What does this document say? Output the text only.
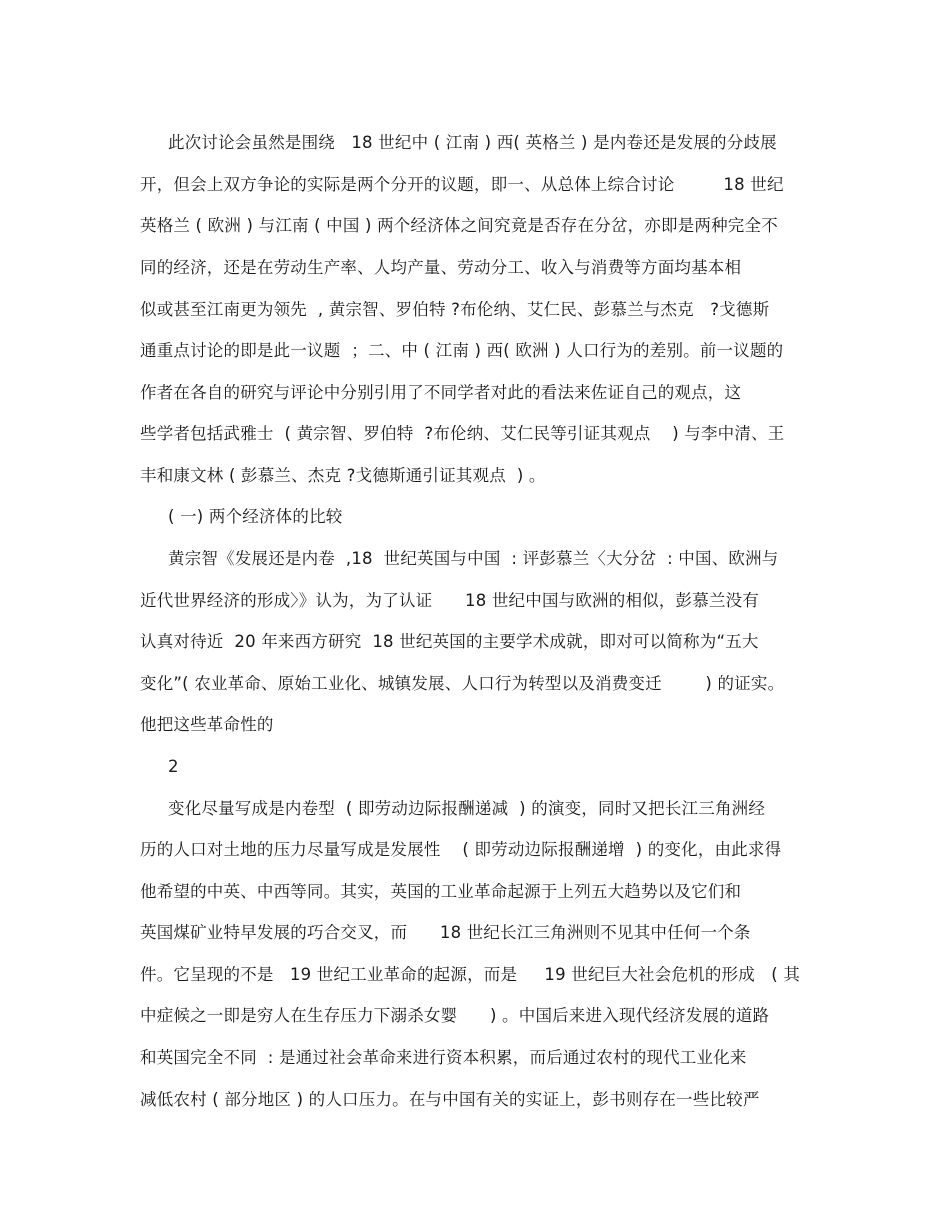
此次讨论会虽然是围绕   18 世纪中 ( 江南 ) 西( 英格兰 ) 是内卷还是发展的分歧展
开，但会上双方争论的实际是两个分开的议题，即一、从总体上综合讨论         18 世纪
英格兰 ( 欧洲 ) 与江南 ( 中国 ) 两个经济体之间究竟是否存在分岔，亦即是两种完全不
同的经济，还是在劳动生产率、人均产量、劳动分工、收入与消费等方面均基本相
似或甚至江南更为领先  , 黄宗智、罗伯特 ?布伦纳、艾仁民、彭慕兰与杰克   ?戈德斯
通重点讨论的即是此一议题  ；二、中 ( 江南 ) 西( 欧洲 ) 人口行为的差别。前一议题的
作者在各自的研究与评论中分别引用了不同学者对此的看法来佐证自己的观点，这
些学者包括武雅士  ( 黄宗智、罗伯特  ?布伦纳、艾仁民等引证其观点    ) 与李中清、王
丰和康文林 ( 彭慕兰、杰克 ?戈德斯通引证其观点  ) 。
( 一) 两个经济体的比较
黄宗智《发展还是内卷  ,18  世纪英国与中国  : 评彭慕兰〈大分岔  : 中国、欧洲与
近代世界经济的形成〉》认为，为了认证      18 世纪中国与欧洲的相似，彭慕兰没有
认真对待近  20 年来西方研究  18 世纪英国的主要学术成就，即对可以简称为“五大
变化”( 农业革命、原始工业化、城镇发展、人口行为转型以及消费变迁        ) 的证实。
他把这些革命性的
2
变化尽量写成是内卷型  ( 即劳动边际报酬递减  ) 的演变，同时又把长江三角洲经
历的人口对土地的压力尽量写成是发展性    ( 即劳动边际报酬递增  ) 的变化，由此求得
他希望的中英、中西等同。其实，英国的工业革命起源于上列五大趋势以及它们和
英国煤矿业特早发展的巧合交叉，而      18 世纪长江三角洲则不见其中任何一个条
件。它呈现的不是   19 世纪工业革命的起源，而是     19 世纪巨大社会危机的形成   ( 其
中症候之一即是穷人在生存压力下溺杀女婴      ) 。中国后来进入现代经济发展的道路
和英国完全不同  : 是通过社会革命来进行资本积累，而后通过农村的现代工业化来
减低农村 ( 部分地区 ) 的人口压力。在与中国有关的实证上，彭书则存在一些比较严
